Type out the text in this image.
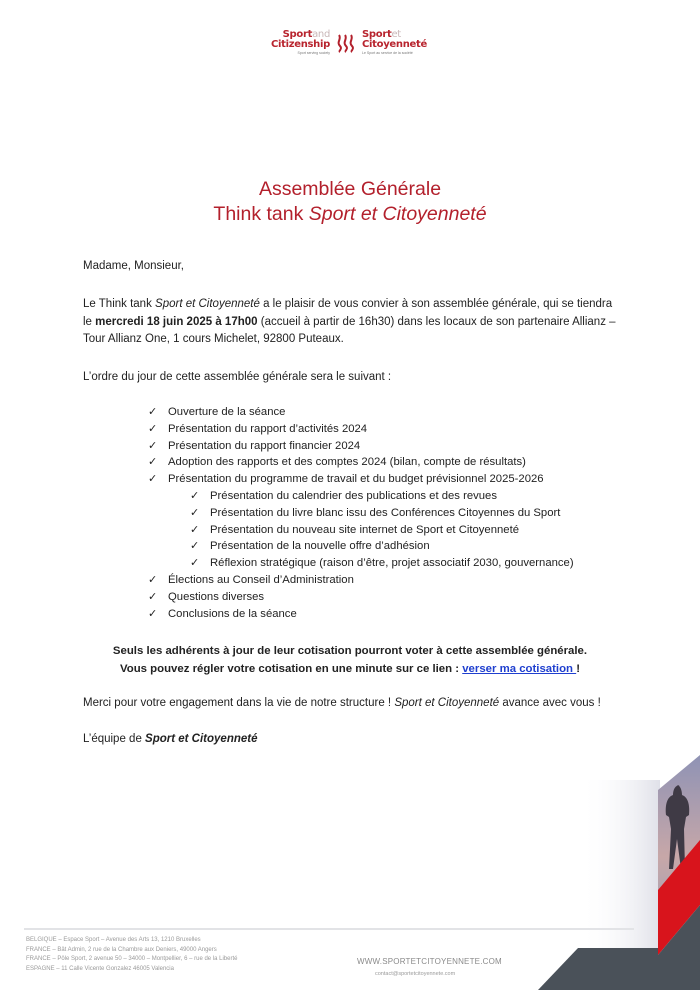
Sportand
Citizenship
Sport serving society
Sportet
Citoyenneté
Le Sport au service de la société
Assemblée Générale
Think tank Sport et Citoyenneté
Madame, Monsieur,
Le Think tank Sport et Citoyenneté a le plaisir de vous convier à son assemblée générale, qui se tiendra le mercredi 18 juin 2025 à 17h00 (accueil à partir de 16h30) dans les locaux de son partenaire Allianz – Tour Allianz One, 1 cours Michelet, 92800 Puteaux.
L’ordre du jour de cette assemblée générale sera le suivant :
✓ Ouverture de la séance
✓ Présentation du rapport d’activités 2024
✓ Présentation du rapport financier 2024
✓ Adoption des rapports et des comptes 2024 (bilan, compte de résultats)
✓ Présentation du programme de travail et du budget prévisionnel 2025-2026
✓ Présentation du calendrier des publications et des revues
✓ Présentation du livre blanc issu des Conférences Citoyennes du Sport
✓ Présentation du nouveau site internet de Sport et Citoyenneté
✓ Présentation de la nouvelle offre d’adhésion
✓ Réflexion stratégique (raison d’être, projet associatif 2030, gouvernance)
✓ Élections au Conseil d’Administration
✓ Questions diverses
✓ Conclusions de la séance
Seuls les adhérents à jour de leur cotisation pourront voter à cette assemblée générale.
Vous pouvez régler votre cotisation en une minute sur ce lien : verser ma cotisation !
Merci pour votre engagement dans la vie de notre structure ! Sport et Citoyenneté avance avec vous !
L’équipe de Sport et Citoyenneté
BELGIQUE – Espace Sport – Avenue des Arts 13, 1210 Bruxelles
FRANCE – Bât Admin, 2 rue de la Chambre aux Deniers, 49000 Angers
FRANCE – Pôle Sport, 2 avenue 50 – 34000 – Montpellier, 6 – rue de la Liberté
ESPAGNE – 11 Calle Vicente Gonzalez 46005 Valencia
WWW.SPORTETCITOYENNETE.COM
contact@sportetcitoyennete.com
